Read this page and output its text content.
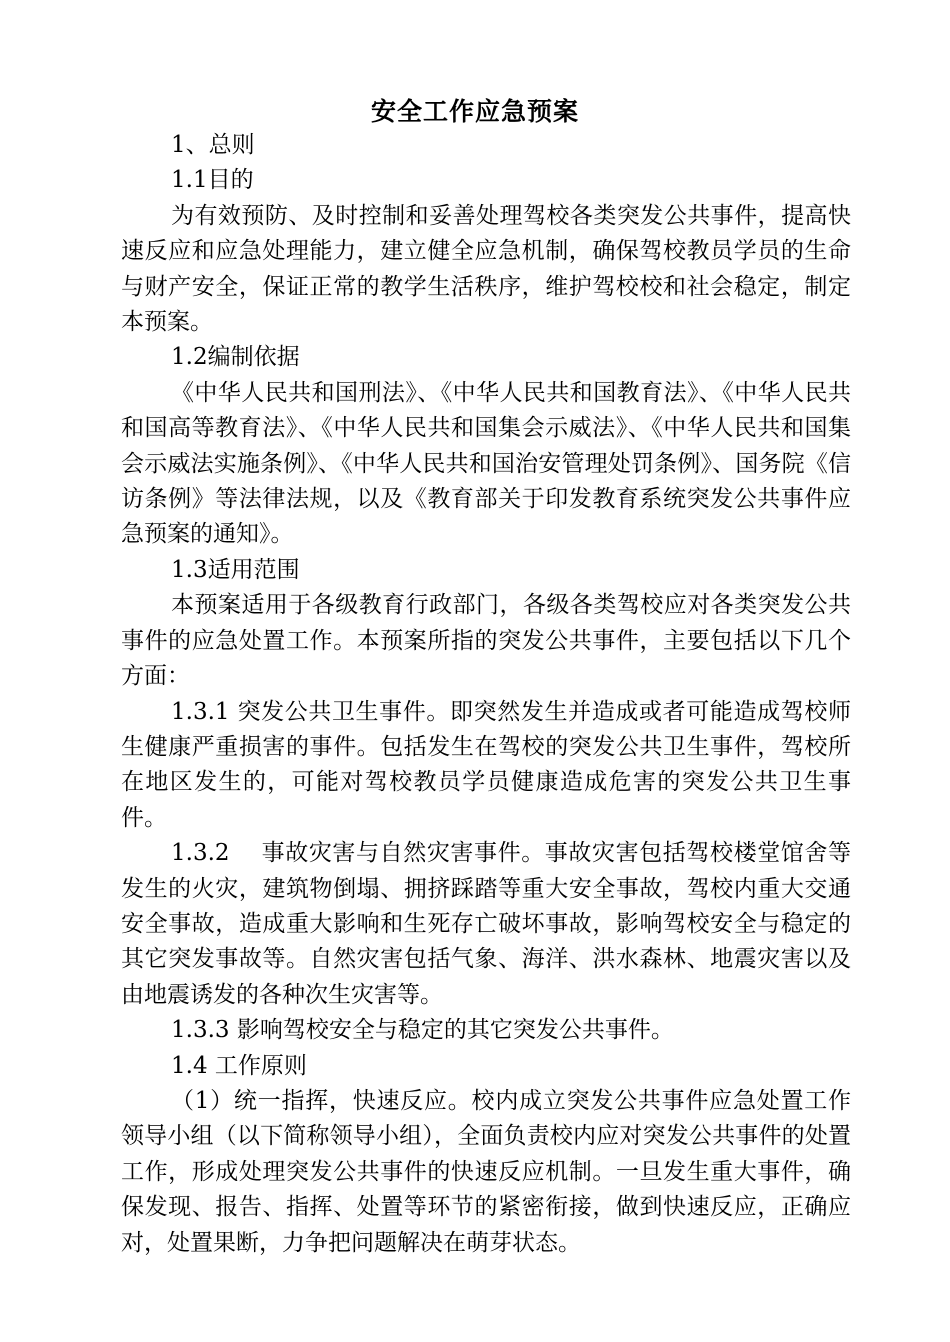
安全工作应急预案
1、总则
1.1目的

为有效预防、及时控制和妥善处理驾校各类突发公共事件，提高快速反应和应急处理能力，建立健全应急机制，确保驾校教员学员的生命与财产安全，保证正常的教学生活秩序，维护驾校校和社会稳定，制定本预案。

1.2编制依据

《中华人民共和国刑法》、《中华人民共和国教育法》、《中华人民共和国高等教育法》、《中华人民共和国集会示威法》、《中华人民共和国集会示威法实施条例》、《中华人民共和国治安管理处罚条例》、国务院《信访条例》等法律法规，以及《教育部关于印发教育系统突发公共事件应急预案的通知》。

1.3适用范围

本预案适用于各级教育行政部门，各级各类驾校应对各类突发公共事件的应急处置工作。本预案所指的突发公共事件，主要包括以下几个方面：

1.3.1 突发公共卫生事件。即突然发生并造成或者可能造成驾校师生健康严重损害的事件。包括发生在驾校的突发公共卫生事件，驾校所在地区发生的，可能对驾校教员学员健康造成危害的突发公共卫生事件。

1.3.2　 事故灾害与自然灾害事件。事故灾害包括驾校楼堂馆舍等发生的火灾，建筑物倒塌、拥挤踩踏等重大安全事故，驾校内重大交通安全事故，造成重大影响和生死存亡破坏事故，影响驾校安全与稳定的其它突发事故等。自然灾害包括气象、海洋、洪水森林、地震灾害以及由地震诱发的各种次生灾害等。

1.3.3 影响驾校安全与稳定的其它突发公共事件。

1.4 工作原则

（1）统一指挥，快速反应。校内成立突发公共事件应急处置工作领导小组（以下简称领导小组），全面负责校内应对突发公共事件的处置工作，形成处理突发公共事件的快速反应机制。一旦发生重大事件，确保发现、报告、指挥、处置等环节的紧密衔接，做到快速反应，正确应对，处置果断，力争把问题解决在萌芽状态。
